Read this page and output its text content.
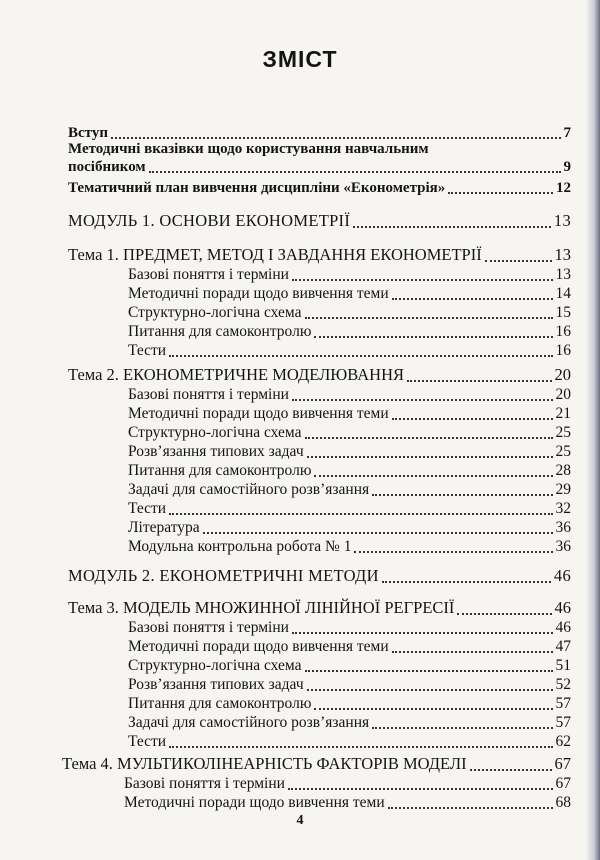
ЗМІСТ
Вступ	7
Методичні вказівки щодо користування навчальним
посібником	9
Тематичний план вивчення дисципліни «Економетрія»	12
МОДУЛЬ 1. ОСНОВИ ЕКОНОМЕТРІЇ	13
Тема 1. ПРЕДМЕТ, МЕТОД І ЗАВДАННЯ ЕКОНОМЕТРІЇ	13
Базові поняття і терміни	13
Методичні поради щодо вивчення теми	14
Структурно-логічна схема	15
Питання для самоконтролю	16
Тести	16
Тема 2. ЕКОНОМЕТРИЧНЕ МОДЕЛЮВАННЯ	20
Базові поняття і терміни	20
Методичні поради щодо вивчення теми	21
Структурно-логічна схема	25
Розв’язання типових задач	25
Питання для самоконтролю	28
Задачі для самостійного розв’язання	29
Тести	32
Література	36
Модульна контрольна робота № 1	36
МОДУЛЬ 2. ЕКОНОМЕТРИЧНІ МЕТОДИ	46
Тема 3. МОДЕЛЬ МНОЖИННОЇ ЛІНІЙНОЇ РЕГРЕСІЇ	46
Базові поняття і терміни	46
Методичні поради щодо вивчення теми	47
Структурно-логічна схема	51
Розв’язання типових задач	52
Питання для самоконтролю	57
Задачі для самостійного розв’язання	57
Тести	62
Тема 4. МУЛЬТИКОЛІНЕАРНІСТЬ ФАКТОРІВ МОДЕЛІ	67
Базові поняття і терміни	67
Методичні поради щодо вивчення теми	68
4
